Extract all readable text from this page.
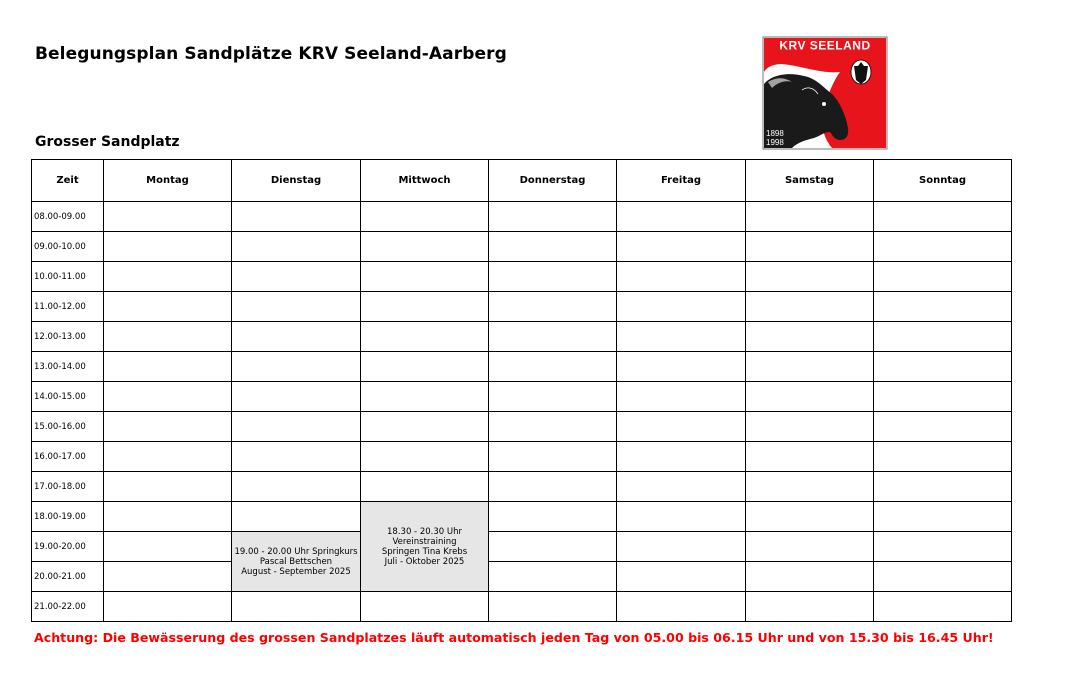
Belegungsplan Sandplätze KRV Seeland-Aarberg	KRV SEELAND
1898
1998
Grosser Sandplatz
Zeit	Montag	Dienstag	Mittwoch	Donnerstag	Freitag	Samstag	Sonntag
08.00-09.00							
09.00-10.00							
10.00-11.00							
11.00-12.00							
12.00-13.00							
13.00-14.00							
14.00-15.00							
15.00-16.00							
16.00-17.00							
17.00-18.00							
18.00-19.00			18.30 - 20.30 Uhr
Vereinstraining
Springen Tina Krebs
Juli - Oktober 2025				

19.00-20.00		19.00 - 20.00 Uhr Springkurs
Pascal Bettschen
August - September 2025					

20.00-21.00							
21.00-22.00							
Achtung: Die Bewässerung des grossen Sandplatzes läuft automatisch jeden Tag von 05.00 bis 06.15 Uhr und von 15.30 bis 16.45 Uhr!
